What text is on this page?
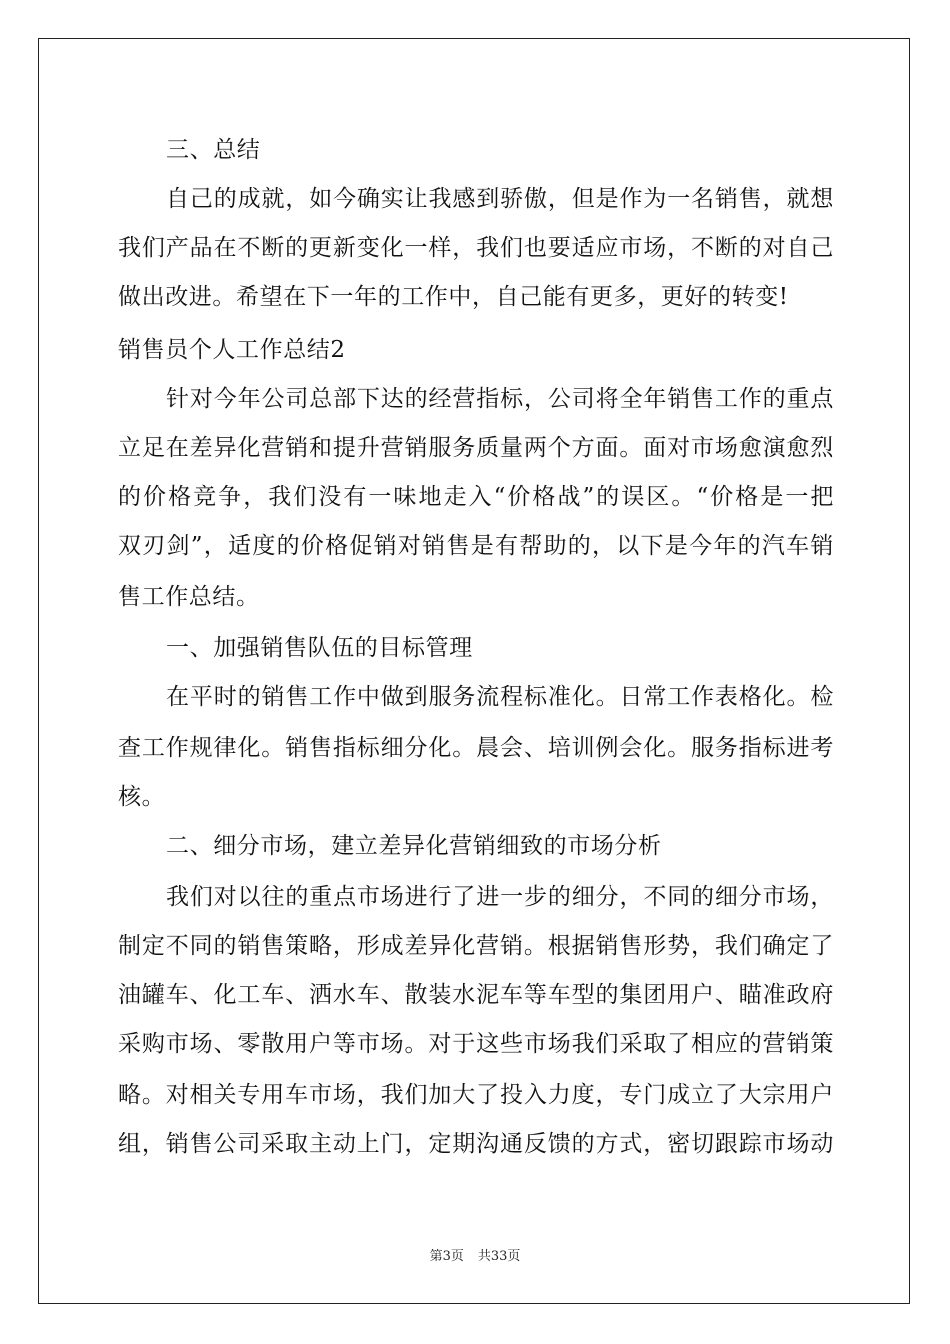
三、总结
自己的成就，如今确实让我感到骄傲，但是作为一名销售，就想
我们产品在不断的更新变化一样，我们也要适应市场，不断的对自己
做出改进。希望在下一年的工作中，自己能有更多，更好的转变!
销售员个人工作总结2
针对今年公司总部下达的经营指标，公司将全年销售工作的重点
立足在差异化营销和提升营销服务质量两个方面。面对市场愈演愈烈
的价格竞争，我们没有一味地走入“价格战”的误区。“价格是一把
双刃剑”，适度的价格促销对销售是有帮助的，以下是今年的汽车销
售工作总结。
一、加强销售队伍的目标管理
在平时的销售工作中做到服务流程标准化。日常工作表格化。检
查工作规律化。销售指标细分化。晨会、培训例会化。服务指标进考
核。
二、细分市场，建立差异化营销细致的市场分析
我们对以往的重点市场进行了进一步的细分，不同的细分市场，
制定不同的销售策略，形成差异化营销。根据销售形势，我们确定了
油罐车、化工车、洒水车、散装水泥车等车型的集团用户、瞄准政府
采购市场、零散用户等市场。对于这些市场我们采取了相应的营销策
略。对相关专用车市场，我们加大了投入力度，专门成立了大宗用户
组，销售公司采取主动上门，定期沟通反馈的方式，密切跟踪市场动
第3页 共33页
